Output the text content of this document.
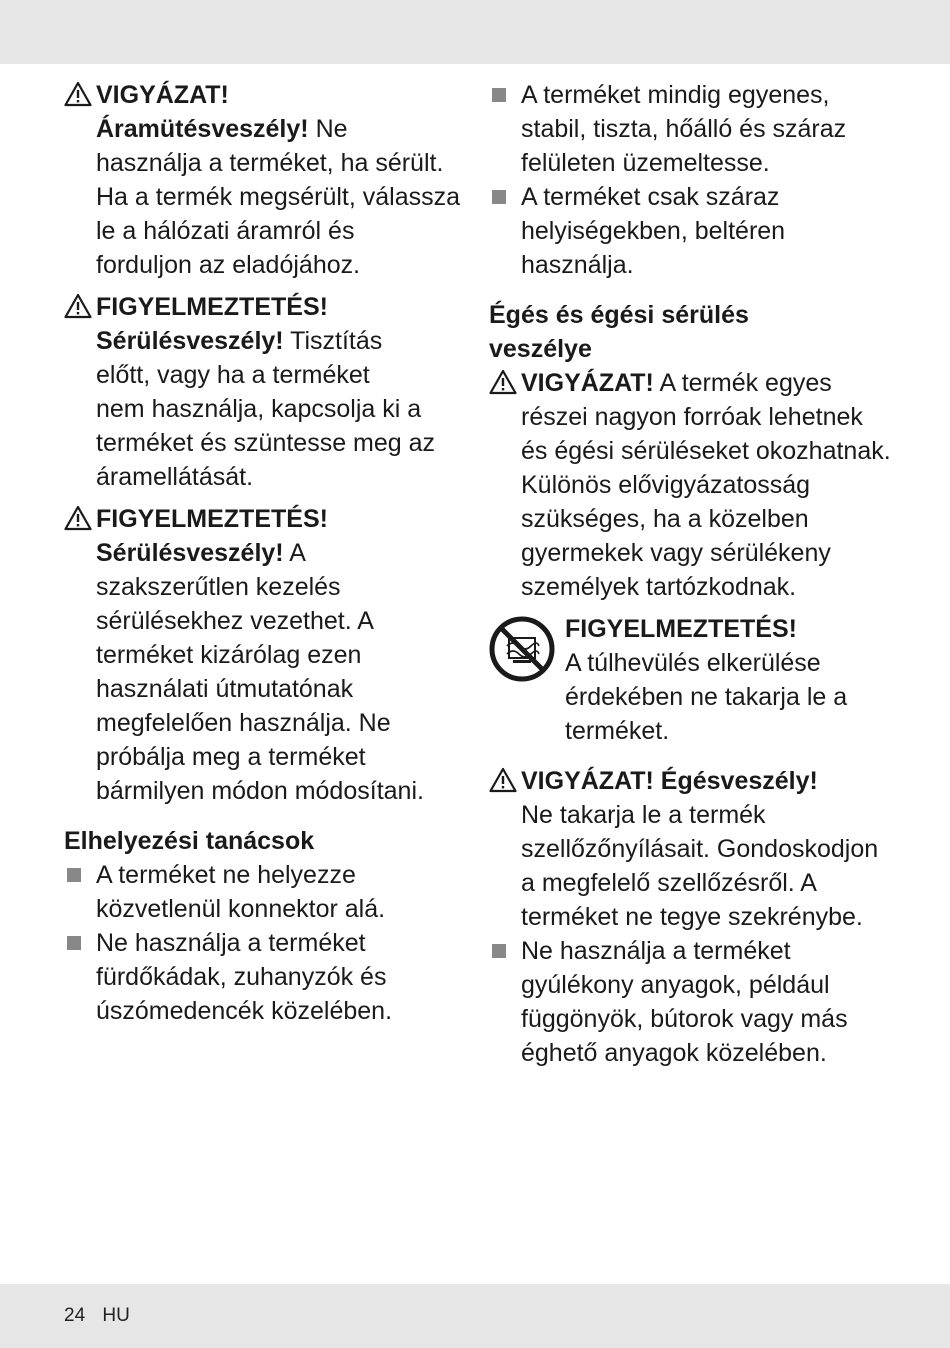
VIGYÁZAT!
Áramütésveszély! Ne
használja a terméket, ha sérült.
Ha a termék megsérült, válassza
le a hálózati áramról és
forduljon az eladójához.
FIGYELMEZTETÉS!
Sérülésveszély! Tisztítás
előtt, vagy ha a terméket
nem használja, kapcsolja ki a
terméket és szüntesse meg az
áramellátását.
FIGYELMEZTETÉS!
Sérülésveszély! A
szakszerűtlen kezelés
sérülésekhez vezethet. A
terméket kizárólag ezen
használati útmutatónak
megfelelően használja. Ne
próbálja meg a terméket
bármilyen módon módosítani.
Elhelyezési tanácsok
A terméket ne helyezze
közvetlenül konnektor alá.
Ne használja a terméket
fürdőkádak, zuhanyzók és
úszómedencék közelében.
A terméket mindig egyenes,
stabil, tiszta, hőálló és száraz
felületen üzemeltesse.
A terméket csak száraz
helyiségekben, beltéren
használja.
Égés és égési sérülés
veszélye
VIGYÁZAT! A termék egyes
részei nagyon forróak lehetnek
és égési sérüléseket okozhatnak.
Különös elővigyázatosság
szükséges, ha a közelben
gyermekek vagy sérülékeny
személyek tartózkodnak.
FIGYELMEZTETÉS!
A túlhevülés elkerülése
érdekében ne takarja le a
terméket.
VIGYÁZAT! Égésveszély!
Ne takarja le a termék
szellőzőnyílásait. Gondoskodjon
a megfelelő szellőzésről. A
terméket ne tegye szekrénybe.
Ne használja a terméket
gyúlékony anyagok, például
függönyök, bútorok vagy más
éghető anyagok közelében.
24 HU
